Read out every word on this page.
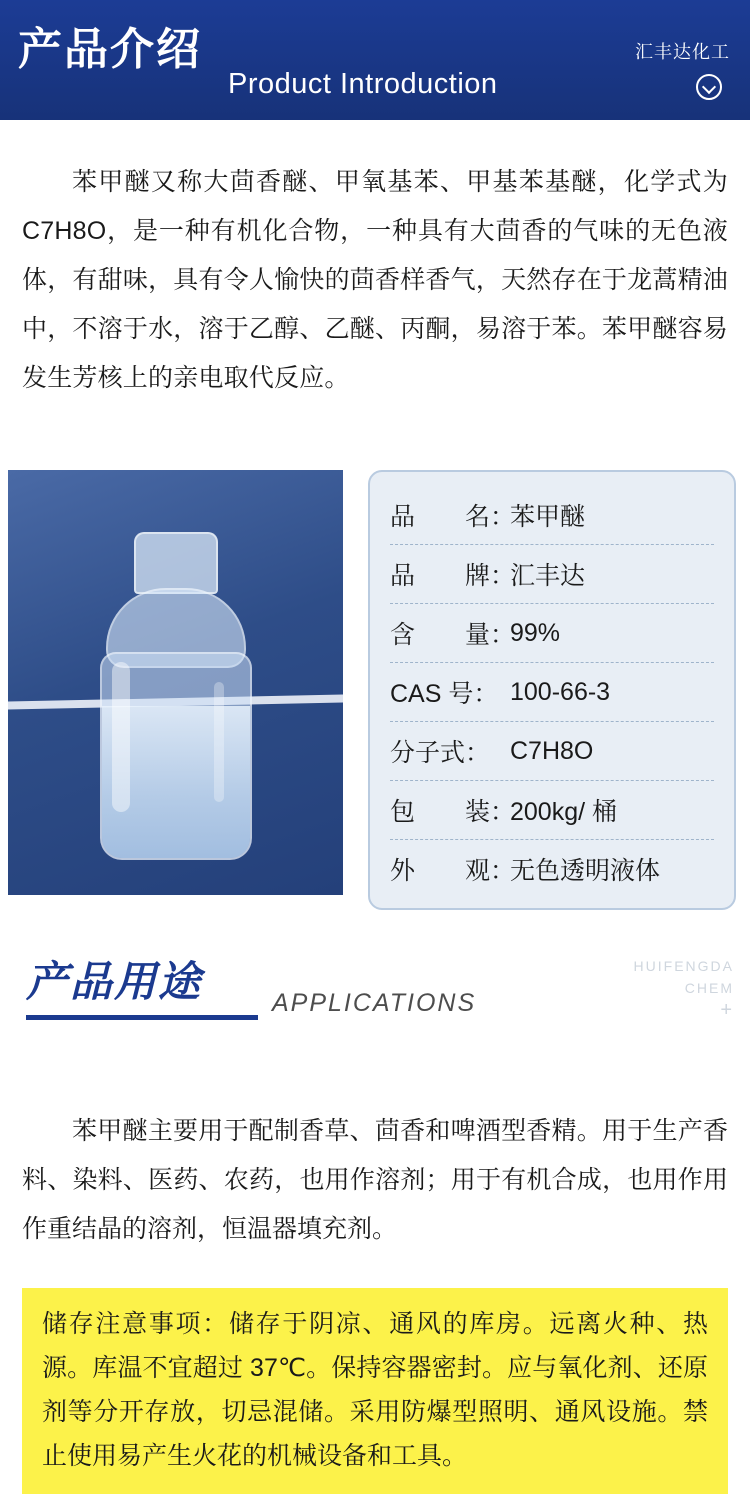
产品介绍
Product Introduction
汇丰达化工

苯甲醚又称大茴香醚、甲氧基苯、甲基苯基醚，化学式为 C7H8O，是一种有机化合物，一种具有大茴香的气味的无色液体，有甜味，具有令人愉快的茴香样香气，天然存在于龙蒿精油中，不溶于水，溶于乙醇、乙醚、丙酮，易溶于苯。苯甲醚容易发生芳核上的亲电取代反应。

品　　名：
苯甲醚
品　　牌：
汇丰达
含　　量：
99%
CAS 号： 100-66-3
分子式： C7H8O
包　　装：
200kg/ 桶
外　　观：
无色透明液体
产品用途	APPLICATIONS
HUIFENGDA
CHEM
+

苯甲醚主要用于配制香草、茴香和啤酒型香精。用于生产香料、染料、医药、农药，也用作溶剂；用于有机合成，也用作用作重结晶的溶剂，恒温器填充剂。

储存注意事项：储存于阴凉、通风的库房。远离火种、热源。库温不宜超过 37℃。保持容器密封。应与氧化剂、还原剂等分开存放，切忌混储。采用防爆型照明、通风设施。禁止使用易产生火花的机械设备和工具。
